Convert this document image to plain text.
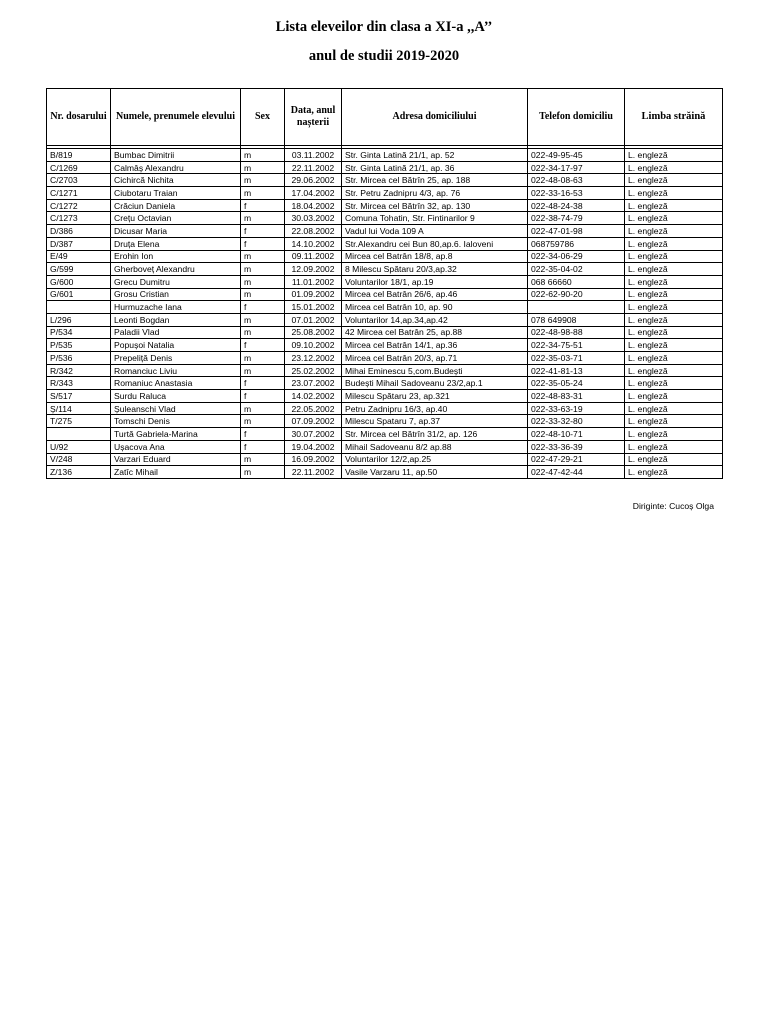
Lista eleveilor din clasa a XI-a ,,A’’
anul de studii 2019-2020
Nr. dosarului	Numele, prenumele elevului	Sex	Data, anul nașterii	Adresa domiciliului	Telefon domiciliu	Limba străină

B/819	Bumbac Dimitrii	m	03.11.2002	Str. Ginta Latină 21/1, ap. 52	022-49-95-45	L. engleză
C/1269	Calmâș Alexandru	m	22.11.2002	Str. Ginta Latină 21/1, ap. 36	022-34-17-97	L. engleză
C/2703	Cichircă Nichita	m	29.06.2002	Str. Mircea cel Bătrîn 25, ap. 188	022-48-08-63	L. engleză
C/1271	Ciubotaru Traian	m	17.04.2002	Str. Petru Zadnipru 4/3, ap. 76	022-33-16-53	L. engleză
C/1272	Crăciun Daniela	f	18.04.2002	Str. Mircea cel Bătrîn 32, ap. 130	022-48-24-38	L. engleză
C/1273	Crețu Octavian	m	30.03.2002	Comuna Tohatin, Str. Fintinarilor 9	022-38-74-79	L. engleză
D/386	Dicusar Maria	f	22.08.2002	Vadul lui Voda 109 A	022-47-01-98	L. engleză
D/387	Druța Elena	f	14.10.2002	Str.Alexandru cei Bun 80,ap.6. Ialoveni	068759786	L. engleză
E/49	Erohin Ion	m	09.11.2002	Mircea cel Batrân 18/8, ap.8	022-34-06-29	L. engleză
G/599	Gherboveț Alexandru	m	12.09.2002	8 Milescu Spătaru 20/3,ap.32	022-35-04-02	L. engleză
G/600	Grecu Dumitru	m	11.01.2002	Voluntarilor 18/1, ap.19	068 66660	L. engleză
G/601	Grosu Cristian	m	01.09.2002	Mircea cel Batrân 26/6, ap.46	022-62-90-20	L. engleză
	Hurmuzache Iana	f	15.01.2002	Mircea cel Batrân 10, ap. 90		L. engleză
L/296	Leonti Bogdan	m	07.01.2002	Voluntarilor 14,ap.34,ap.42	078 649908	L. engleză
P/534	Paladii Vlad	m	25.08.2002	42 Mircea cel Batrân 25, ap.88	022-48-98-88	L. engleză
P/535	Popușoi Natalia	f	09.10.2002	Mircea cel Batrân 14/1, ap.36	022-34-75-51	L. engleză
P/536	Prepeliță Denis	m	23.12.2002	Mircea cel Batrân 20/3, ap.71	022-35-03-71	L. engleză
R/342	Romanciuc Liviu	m	25.02.2002	Mihai Eminescu 5,com.Budești	022-41-81-13	L. engleză
R/343	Romaniuc Anastasia	f	23.07.2002	Budești Mihail Sadoveanu 23/2,ap.1	022-35-05-24	L. engleză
S/517	Surdu Raluca	f	14.02.2002	Milescu Spătaru 23, ap.321	022-48-83-31	L. engleză
Ș/114	Șuleanschi Vlad	m	22.05.2002	Petru Zadnipru 16/3, ap.40	022-33-63-19	L. engleză
T/275	Tomschi Denis	m	07.09.2002	Milescu Spataru 7, ap.37	022-33-32-80	L. engleză
	Turtă Gabriela-Marina	f	30.07.2002	Str. Mircea cel Bătrîn 31/2, ap. 126	022-48-10-71	L. engleză
U/92	Ușacova Ana	f	19.04.2002	Mihail Sadoveanu 8/2 ap.88	022-33-36-39	L. engleză
V/248	Varzari Eduard	m	16.09.2002	Voluntarilor 12/2,ap.25	022-47-29-21	L. engleză
Z/136	Zatîc Mihail	m	22.11.2002	Vasile Varzaru 11, ap.50	022-47-42-44	L. engleză
Diriginte: Cucoș Olga
